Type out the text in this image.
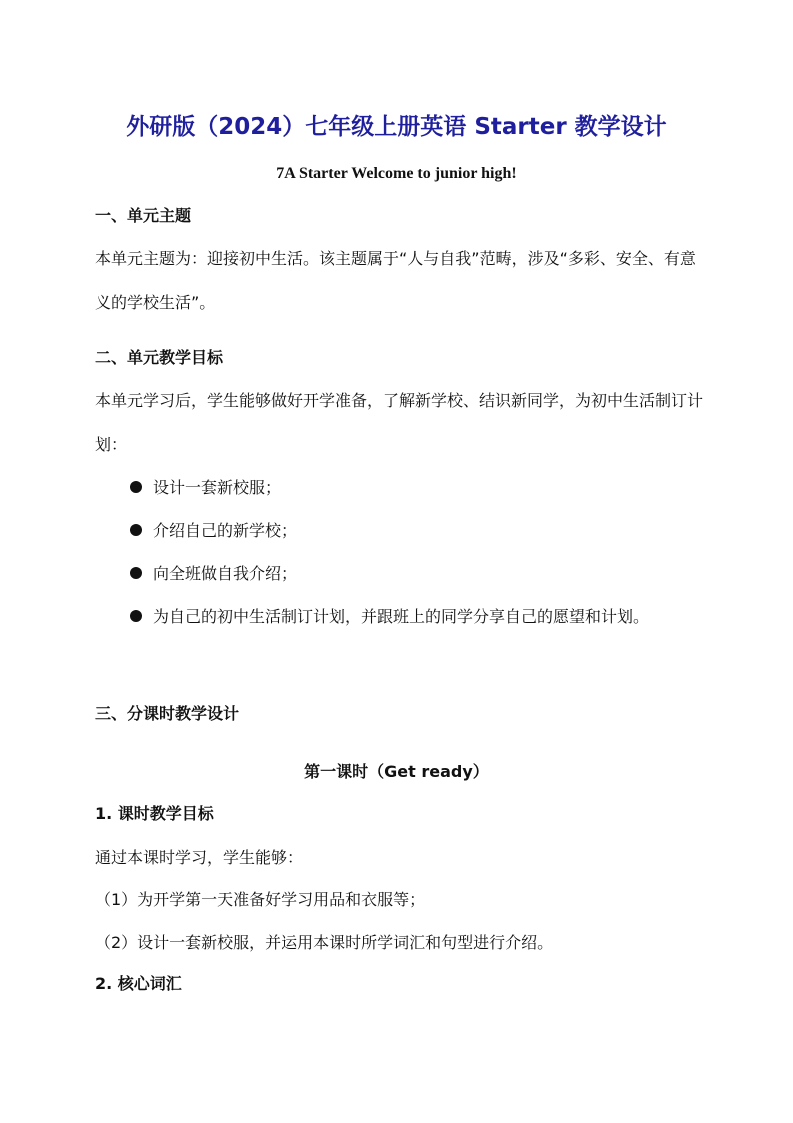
外研版（2024）七年级上册英语 Starter 教学设计
7A Starter Welcome to junior high!
一、单元主题
本单元主题为：迎接初中生活。该主题属于“人与自我”范畴，涉及“多彩、安全、有意义的学校生活”。
二、单元教学目标
本单元学习后，学生能够做好开学准备，了解新学校、结识新同学，为初中生活制订计划：
设计一套新校服；
介绍自己的新学校；
向全班做自我介绍；
为自己的初中生活制订计划，并跟班上的同学分享自己的愿望和计划。
三、分课时教学设计
第一课时（Get ready）
1. 课时教学目标
通过本课时学习，学生能够：
（1）为开学第一天准备好学习用品和衣服等；
（2）设计一套新校服，并运用本课时所学词汇和句型进行介绍。
2. 核心词汇
